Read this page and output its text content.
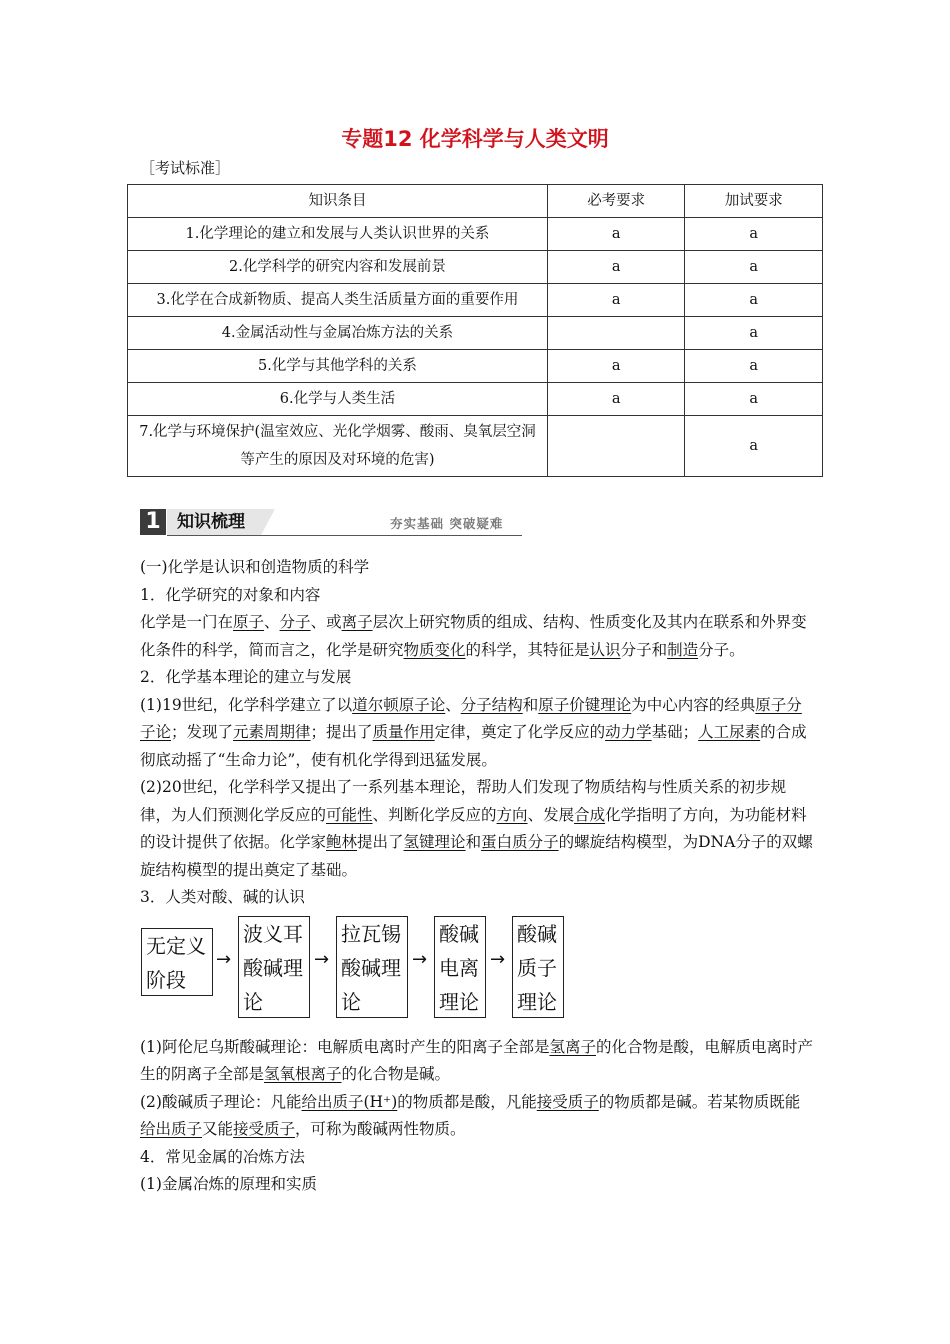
专题12 化学科学与人类文明
［考试标准］
知识条目	必考要求	加试要求
1.化学理论的建立和发展与人类认识世界的关系	a	a
2.化学科学的研究内容和发展前景	a	a
3.化学在合成新物质、提高人类生活质量方面的重要作用	a	a
4.金属活动性与金属冶炼方法的关系		a
5.化学与其他学科的关系	a	a
6.化学与人类生活	a	a
7.化学与环境保护(温室效应、光化学烟雾、酸雨、臭氧层空洞等产生的原因及对环境的危害)		a
1 知识梳理	夯实基础 突破疑难

(一)化学是认识和创造物质的科学

1．化学研究的对象和内容

化学是一门在原子、分子、或离子层次上研究物质的组成、结构、性质变化及其内在联系和外界变化条件的科学，简而言之，化学是研究物质变化的科学，其特征是认识分子和制造分子。

2．化学基本理论的建立与发展

(1)19世纪，化学科学建立了以道尔顿原子论、分子结构和原子价键理论为中心内容的经典原子分子论；发现了元素周期律；提出了质量作用定律，奠定了化学反应的动力学基础；人工尿素的合成彻底动摇了“生命力论”，使有机化学得到迅猛发展。

(2)20世纪，化学科学又提出了一系列基本理论，帮助人们发现了物质结构与性质关系的初步规律，为人们预测化学反应的可能性、判断化学反应的方向、发展合成化学指明了方向，为功能材料的设计提供了依据。化学家鲍林提出了氢键理论和蛋白质分子的螺旋结构模型，为DNA分子的双螺旋结构模型的提出奠定了基础。

3．人类对酸、碱的认识

无定义阶段
→
波义耳酸碱理论
→
拉瓦锡酸碱理论
→
酸碱电离理论
→
酸碱质子理论

(1)阿伦尼乌斯酸碱理论：电解质电离时产生的阳离子全部是氢离子的化合物是酸，电解质电离时产生的阴离子全部是氢氧根离子的化合物是碱。

(2)酸碱质子理论：凡能给出质子(H⁺)的物质都是酸，凡能接受质子的物质都是碱。若某物质既能给出质子又能接受质子，可称为酸碱两性物质。

4．常见金属的冶炼方法

(1)金属冶炼的原理和实质
